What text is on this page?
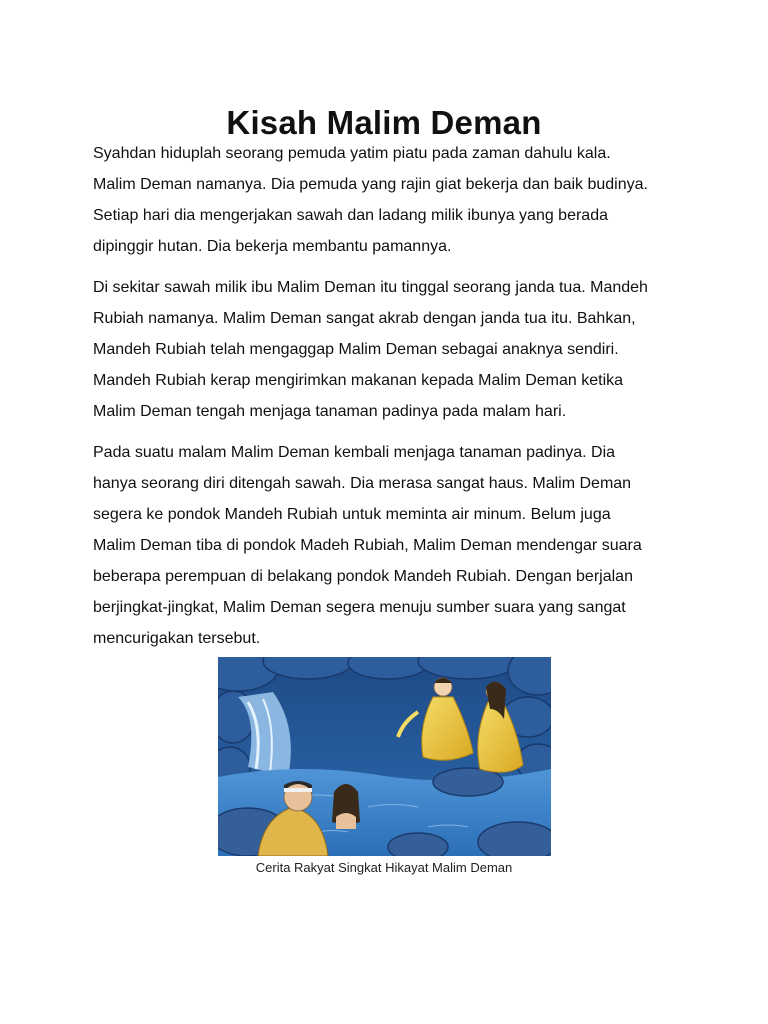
Kisah Malim Deman

Syahdan hiduplah seorang pemuda yatim piatu pada zaman dahulu kala.
Malim Deman namanya. Dia pemuda yang rajin giat bekerja dan baik budinya.
Setiap hari dia mengerjakan sawah dan ladang milik ibunya yang berada
dipinggir hutan. Dia bekerja membantu pamannya.

Di sekitar sawah milik ibu Malim Deman itu tinggal seorang janda tua. Mandeh
Rubiah namanya. Malim Deman sangat akrab dengan janda tua itu. Bahkan,
Mandeh Rubiah telah mengaggap Malim Deman sebagai anaknya sendiri.
Mandeh Rubiah kerap mengirimkan makanan kepada Malim Deman ketika
Malim Deman tengah menjaga tanaman padinya pada malam hari.

Pada suatu malam Malim Deman kembali menjaga tanaman padinya. Dia
hanya seorang diri ditengah sawah. Dia merasa sangat haus. Malim Deman
segera ke pondok Mandeh Rubiah untuk meminta air minum. Belum juga
Malim Deman tiba di pondok Madeh Rubiah, Malim Deman mendengar suara
beberapa perempuan di belakang pondok Mandeh Rubiah. Dengan berjalan
berjingkat-jingkat, Malim Deman segera menuju sumber suara yang sangat
mencurigakan tersebut.

Cerita Rakyat Singkat Hikayat Malim Deman
